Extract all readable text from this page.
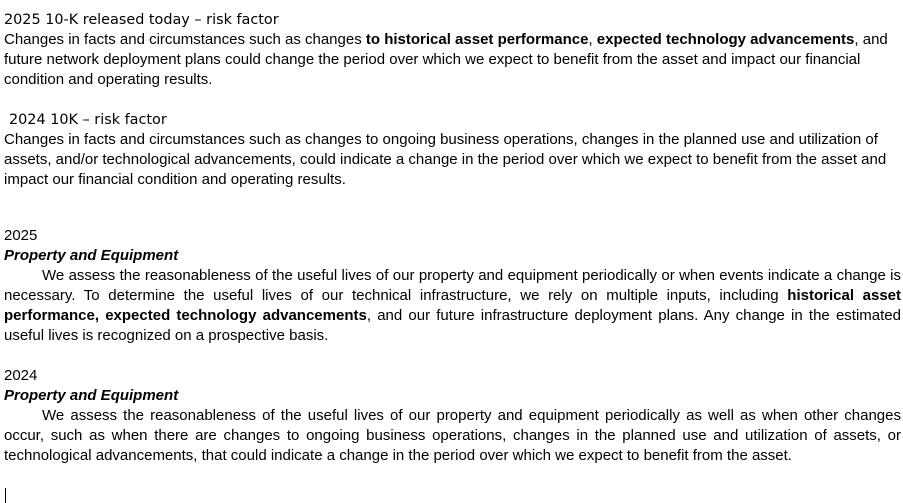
2025 10-K released today – risk factor

Changes in facts and circumstances such as changes to historical asset performance, expected technology advancements, and future network deployment plans could change the period over which we expect to benefit from the asset and impact our financial condition and operating results.

2024 10K – risk factor

Changes in facts and circumstances such as changes to ongoing business operations, changes in the planned use and utilization of assets, and/or technological advancements, could indicate a change in the period over which we expect to benefit from the asset and impact our financial condition and operating results.

2025
Property and Equipment

We assess the reasonableness of the useful lives of our property and equipment periodically or when events indicate a change is necessary. To determine the useful lives of our technical infrastructure, we rely on multiple inputs, including historical asset performance, expected technology advancements, and our future infrastructure deployment plans. Any change in the estimated useful lives is recognized on a prospective basis.

2024
Property and Equipment

We assess the reasonableness of the useful lives of our property and equipment periodically as well as when other changes occur, such as when there are changes to ongoing business operations, changes in the planned use and utilization of assets, or technological advancements, that could indicate a change in the period over which we expect to benefit from the asset.
